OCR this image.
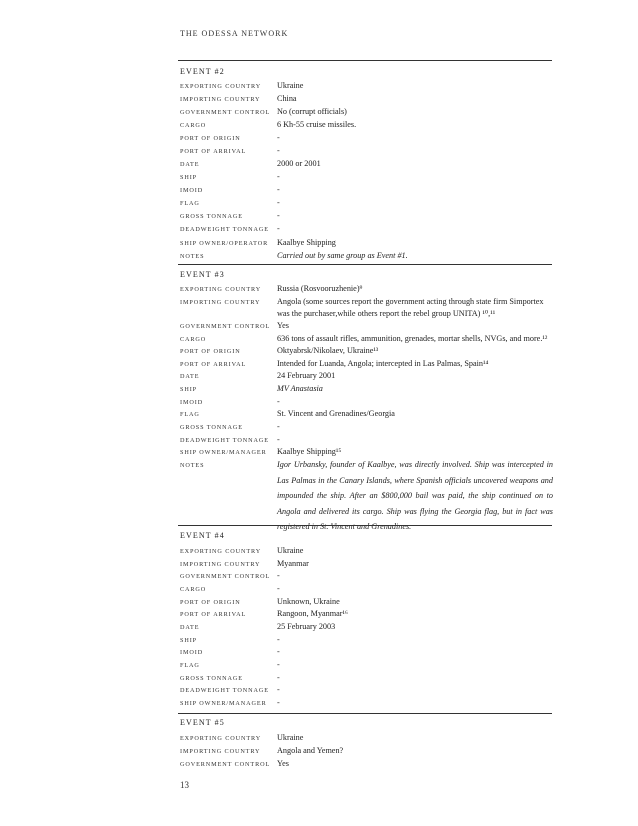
THE ODESSA NETWORK
EVENT #2
EXPORTING COUNTRY Ukraine
IMPORTING COUNTRY China
GOVERNMENT CONTROL No (corrupt officials)
CARGO	6 Kh-55 cruise missiles.
PORT OF ORIGIN	-
PORT OF ARRIVAL	-
DATE	2000 or 2001
SHIP	-
IMOID	-
FLAG	-
GROSS TONNAGE	-
DEADWEIGHT TONNAGE -
SHIP OWNER/OPERATOR Kaalbye Shipping
NOTES	Carried out by same group as Event #1.
EVENT #3
EXPORTING COUNTRY Russia (Rosvooruzhenie)⁹
IMPORTING COUNTRY Angola (some sources report the government acting through state firm Simportex
was the purchaser,while others report the rebel group UNITA) ¹⁰,¹¹
GOVERNMENT CONTROL Yes
CARGO	636 tons of assault rifles, ammunition, grenades, mortar shells, NVGs, and more.¹²
PORT OF ORIGIN	Oktyabrsk/Nikolaev, Ukraine¹³
PORT OF ARRIVAL	Intended for Luanda, Angola; intercepted in Las Palmas, Spain¹⁴
DATE	24 February 2001
SHIP	MV Anastasia
IMOID	-
FLAG	St. Vincent and Grenadines/Georgia
GROSS TONNAGE	-
DEADWEIGHT TONNAGE -
SHIP OWNER/MANAGER Kaalbye Shipping¹⁵
NOTES	Igor Urbansky, founder of Kaalbye, was directly involved. Ship was intercepted in Las Palmas in the Canary Islands, where Spanish officials uncovered weapons and impounded the ship. After an $800,000 bail was paid, the ship continued on to Angola and delivered its cargo. Ship was flying the Georgia flag, but in fact was registered in St. Vincent and Grenadines.
EVENT #4
EXPORTING COUNTRY Ukraine
IMPORTING COUNTRY Myanmar
GOVERNMENT CONTROL -
CARGO	-
PORT OF ORIGIN	Unknown, Ukraine
PORT OF ARRIVAL	Rangoon, Myanmar¹⁶
DATE	25 February 2003
SHIP	-
IMOID	-
FLAG	-
GROSS TONNAGE	-
DEADWEIGHT TONNAGE -
SHIP OWNER/MANAGER -
EVENT #5
EXPORTING COUNTRY Ukraine
IMPORTING COUNTRY Angola and Yemen?
GOVERNMENT CONTROL Yes
13
